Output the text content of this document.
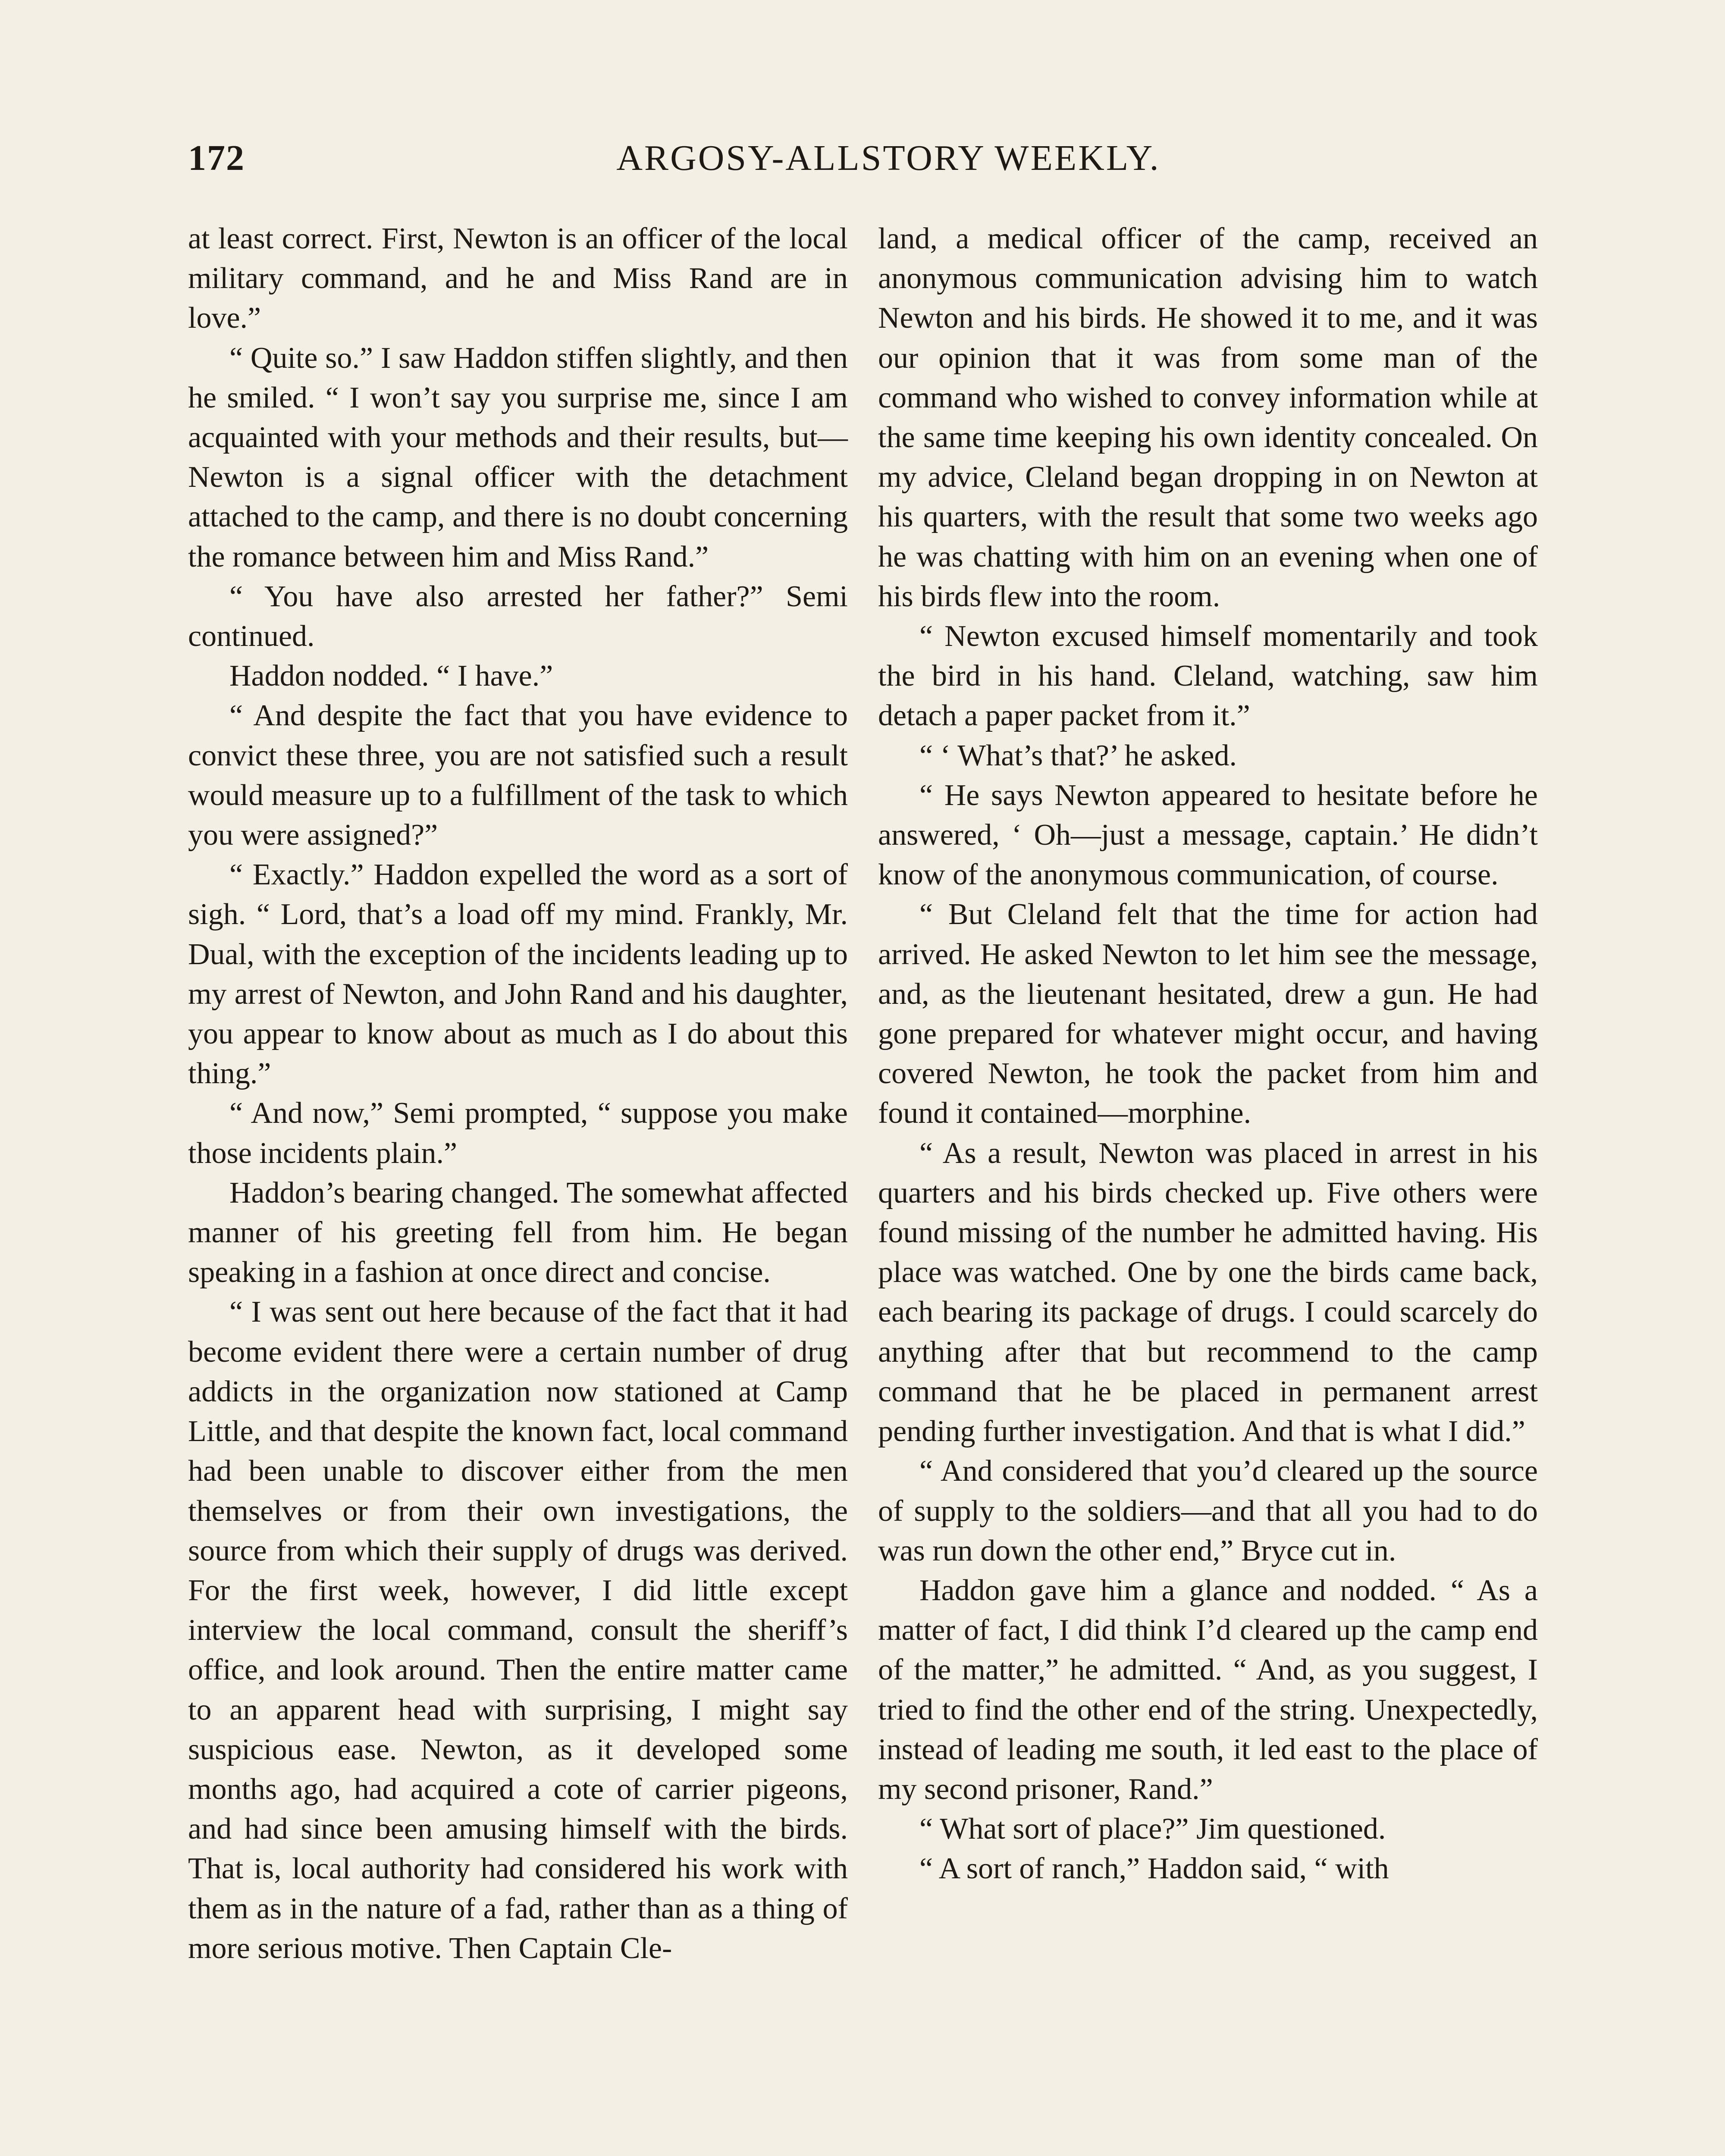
172	ARGOSY-ALLSTORY WEEKLY.

at least correct. First, Newton is an officer of the local military command, and he and Miss Rand are in love.”

“ Quite so.” I saw Haddon stiffen slightly, and then he smiled. “ I won’t say you surprise me, since I am acquainted with your methods and their results, but— Newton is a signal officer with the detachment attached to the camp, and there is no doubt concerning the romance between him and Miss Rand.”

“ You have also arrested her father?” Semi continued.

Haddon nodded. “ I have.”

“ And despite the fact that you have evidence to convict these three, you are not satisfied such a result would measure up to a fulfillment of the task to which you were assigned?”

“ Exactly.” Haddon expelled the word as a sort of sigh. “ Lord, that’s a load off my mind. Frankly, Mr. Dual, with the exception of the incidents leading up to my arrest of Newton, and John Rand and his daughter, you appear to know about as much as I do about this thing.”

“ And now,” Semi prompted, “ suppose you make those incidents plain.”

Haddon’s bearing changed. The somewhat affected manner of his greeting fell from him. He began speaking in a fashion at once direct and concise.

“ I was sent out here because of the fact that it had become evident there were a certain number of drug addicts in the organization now stationed at Camp Little, and that despite the known fact, local command had been unable to discover either from the men themselves or from their own investigations, the source from which their supply of drugs was derived. For the first week, however, I did little except interview the local command, consult the sheriff’s office, and look around. Then the entire matter came to an apparent head with surprising, I might say suspicious ease. Newton, as it developed some months ago, had acquired a cote of carrier pigeons, and had since been amusing himself with the birds. That is, local authority had considered his work with them as in the nature of a fad, rather than as a thing of more serious motive. Then Captain Cle-

land, a medical officer of the camp, received an anonymous communication advising him to watch Newton and his birds. He showed it to me, and it was our opinion that it was from some man of the command who wished to convey information while at the same time keeping his own identity concealed. On my advice, Cleland began dropping in on Newton at his quarters, with the result that some two weeks ago he was chatting with him on an evening when one of his birds flew into the room.

“ Newton excused himself momentarily and took the bird in his hand. Cleland, watching, saw him detach a paper packet from it.”

“ ‘ What’s that?’ he asked.

“ He says Newton appeared to hesitate before he answered, ‘ Oh—just a message, captain.’ He didn’t know of the anonymous communication, of course.

“ But Cleland felt that the time for action had arrived. He asked Newton to let him see the message, and, as the lieutenant hesitated, drew a gun. He had gone prepared for whatever might occur, and having covered Newton, he took the packet from him and found it contained—morphine.

“ As a result, Newton was placed in arrest in his quarters and his birds checked up. Five others were found missing of the number he admitted having. His place was watched. One by one the birds came back, each bearing its package of drugs. I could scarcely do anything after that but recommend to the camp command that he be placed in permanent arrest pending further investigation. And that is what I did.”

“ And considered that you’d cleared up the source of supply to the soldiers—and that all you had to do was run down the other end,” Bryce cut in.

Haddon gave him a glance and nodded. “ As a matter of fact, I did think I’d cleared up the camp end of the matter,” he admitted. “ And, as you suggest, I tried to find the other end of the string. Unexpectedly, instead of leading me south, it led east to the place of my second prisoner, Rand.”

“ What sort of place?” Jim questioned.

“ A sort of ranch,” Haddon said, “ with
